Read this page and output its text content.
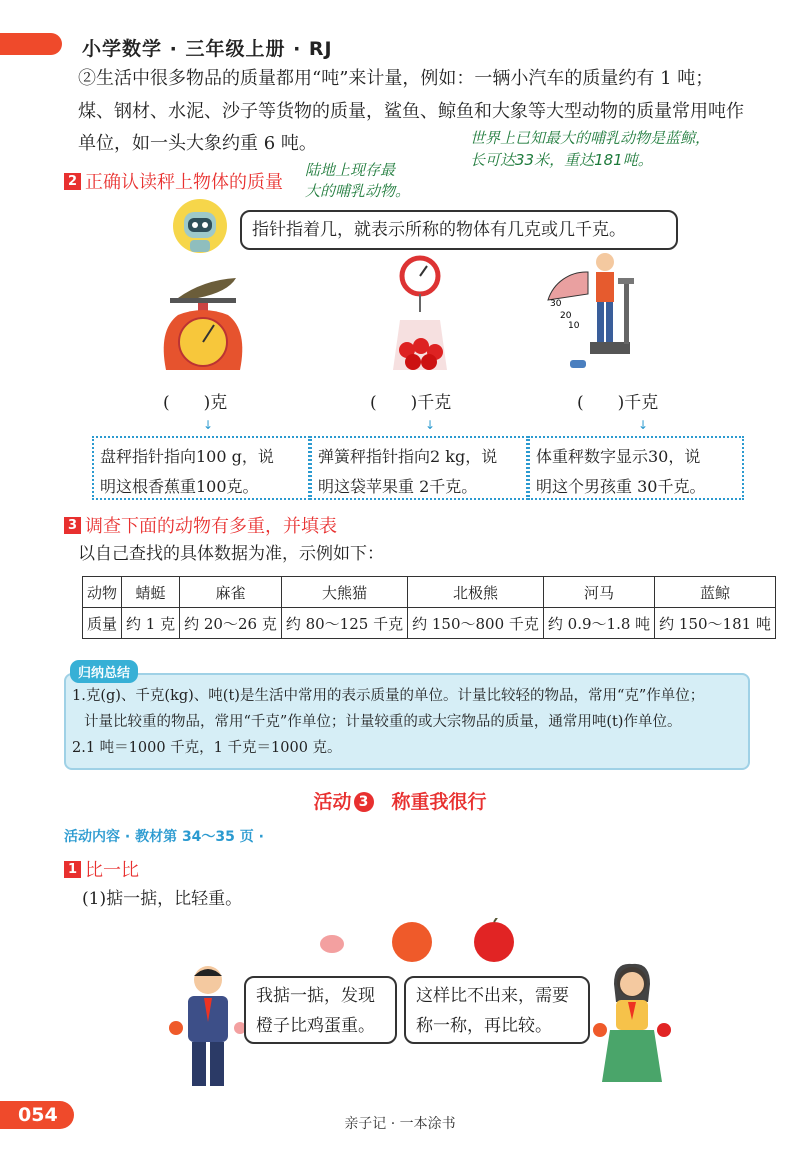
小学数学 · 三年级上册 · RJ
②生活中很多物品的质量都用“吨”来计量，例如：一辆小汽车的质量约有 1 吨；
煤、钢材、水泥、沙子等货物的质量，鲨鱼、鲸鱼和大象等大型动物的质量常用吨作
单位，如一头大象约重 6 吨。	世界上已知最大的哺乳动物是蓝鲸，
长可达33米，重达181吨。
2 正确认读秤上物体的质量
陆地上现存最
大的哺乳动物。
指针指着几，就表示所称的物体有几克或几千克。
30
20
10
(　　)克	(　　)千克	(　　)千克
↓	↓	↓
盘秤指针指向100 g，说
明这根香蕉重100克。
弹簧秤指针指向2 kg，说
明这袋苹果重 2千克。
体重秤数字显示30，说
明这个男孩重 30千克。
3 调查下面的动物有多重，并填表
以自己查找的具体数据为准，示例如下：
动物	蜻蜓	麻雀	大熊猫	北极熊	河马	蓝鲸
质量	约 1 克	约 20～26 克	约 80～125 千克	约 150～800 千克	约 0.9～1.8 吨	约 150～181 吨
1.克(g)、千克(kg)、吨(t)是生活中常用的表示质量的单位。计量比较轻的物品，常用“克”作单位；
计量比较重的物品，常用“千克”作单位；计量较重的或大宗物品的质量，通常用吨(t)作单位。
2.1 吨＝1000 千克，1 千克＝1000 克。
归纳总结
活动 3 称重我很行
活动内容 · 教材第 34～35 页 ·
1 比一比
(1)掂一掂，比轻重。
我掂一掂，发现
橙子比鸡蛋重。
这样比不出来，需要
称一称，再比较。
054	亲子记 · 一本涂书
